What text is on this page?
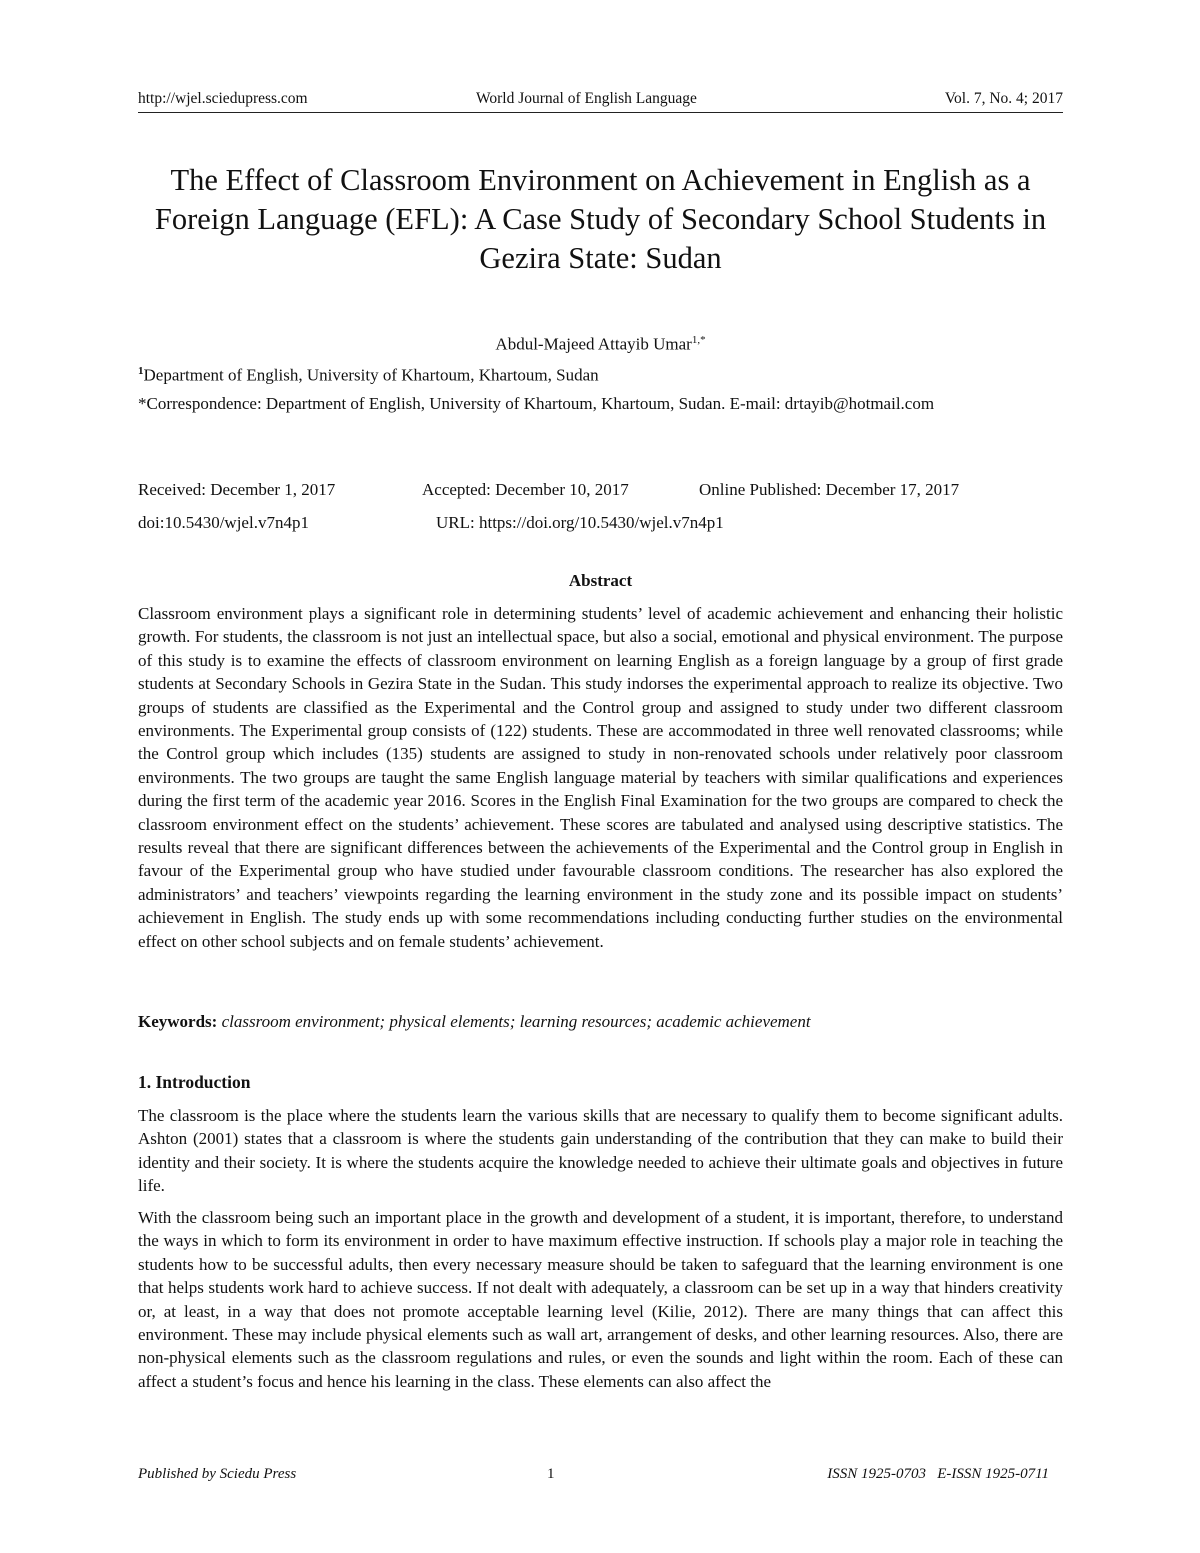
http://wjel.sciedupress.com	World Journal of English Language	Vol. 7, No. 4; 2017
The Effect of Classroom Environment on Achievement in English as a Foreign Language (EFL): A Case Study of Secondary School Students in Gezira State: Sudan
Abdul-Majeed Attayib Umar$^{1,*}$
$^1$Department of English, University of Khartoum, Khartoum, Sudan
*Correspondence: Department of English, University of Khartoum, Khartoum, Sudan. E-mail: drtayib@hotmail.com
Received: December 1, 2017	Accepted: December 10, 2017	Online Published: December 17, 2017
doi:10.5430/wjel.v7n4p1	URL: https://doi.org/10.5430/wjel.v7n4p1
Abstract

Classroom environment plays a significant role in determining students’ level of academic achievement and enhancing their holistic growth. For students, the classroom is not just an intellectual space, but also a social, emotional and physical environment. The purpose of this study is to examine the effects of classroom environment on learning English as a foreign language by a group of first grade students at Secondary Schools in Gezira State in the Sudan. This study indorses the experimental approach to realize its objective. Two groups of students are classified as the Experimental and the Control group and assigned to study under two different classroom environments. The Experimental group consists of (122) students. These are accommodated in three well renovated classrooms; while the Control group which includes (135) students are assigned to study in non-renovated schools under relatively poor classroom environments. The two groups are taught the same English language material by teachers with similar qualifications and experiences during the first term of the academic year 2016. Scores in the English Final Examination for the two groups are compared to check the classroom environment effect on the students’ achievement. These scores are tabulated and analysed using descriptive statistics. The results reveal that there are significant differences between the achievements of the Experimental and the Control group in English in favour of the Experimental group who have studied under favourable classroom conditions. The researcher has also explored the administrators’ and teachers’ viewpoints regarding the learning environment in the study zone and its possible impact on students’ achievement in English. The study ends up with some recommendations including conducting further studies on the environmental effect on other school subjects and on female students’ achievement.

Keywords: classroom environment; physical elements; learning resources; academic achievement
1. Introduction

The classroom is the place where the students learn the various skills that are necessary to qualify them to become significant adults. Ashton (2001) states that a classroom is where the students gain understanding of the contribution that they can make to build their identity and their society. It is where the students acquire the knowledge needed to achieve their ultimate goals and objectives in future life.

With the classroom being such an important place in the growth and development of a student, it is important, therefore, to understand the ways in which to form its environment in order to have maximum effective instruction. If schools play a major role in teaching the students how to be successful adults, then every necessary measure should be taken to safeguard that the learning environment is one that helps students work hard to achieve success. If not dealt with adequately, a classroom can be set up in a way that hinders creativity or, at least, in a way that does not promote acceptable learning level (Kilie, 2012). There are many things that can affect this environment. These may include physical elements such as wall art, arrangement of desks, and other learning resources. Also, there are non-physical elements such as the classroom regulations and rules, or even the sounds and light within the room. Each of these can affect a student’s focus and hence his learning in the class. These elements can also affect the

Published by Sciedu Press	1	ISSN 1925-0703   E-ISSN 1925-0711
